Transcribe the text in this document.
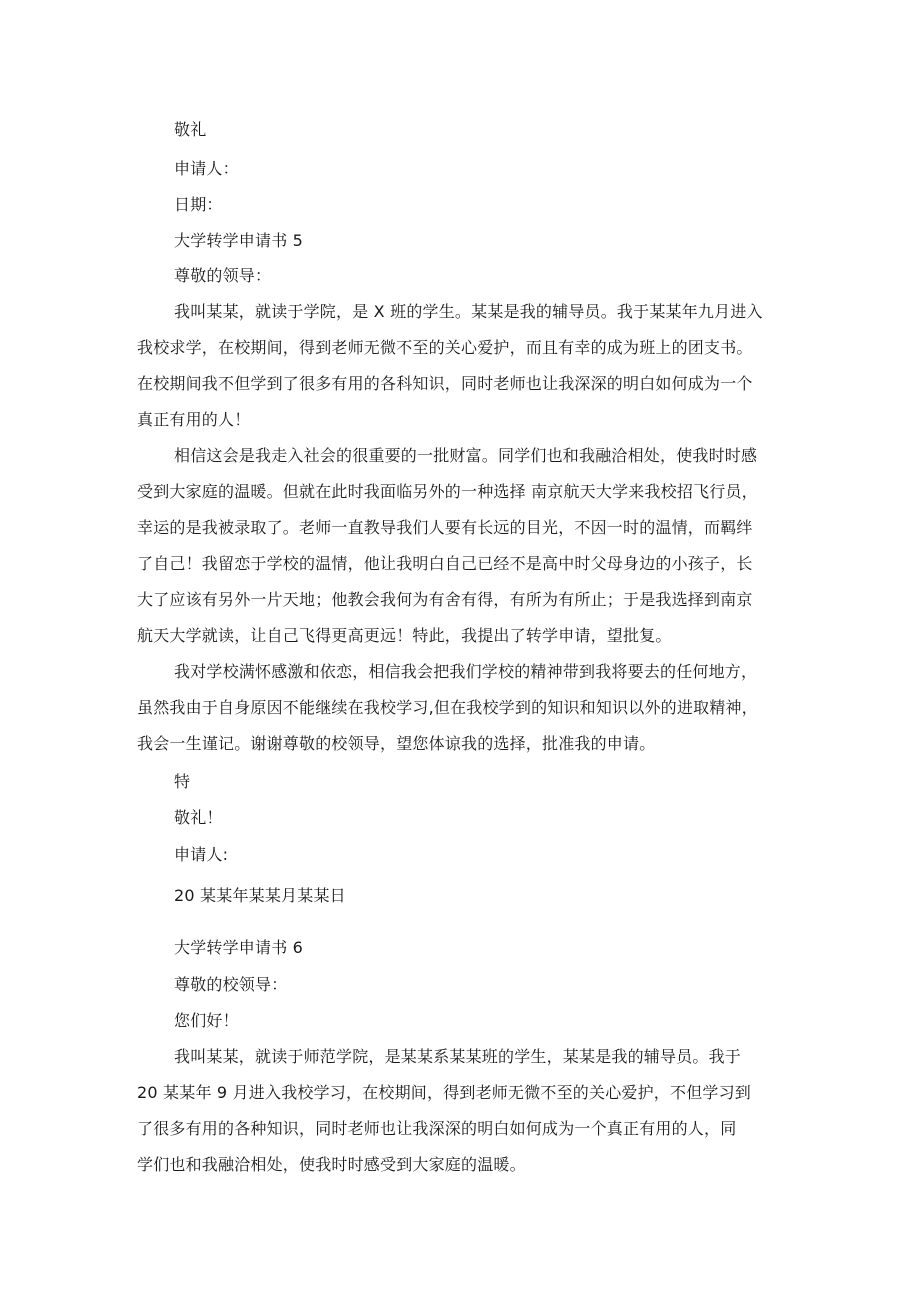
敬礼
申请人：
日期：
大学转学申请书 5
尊敬的领导：
我叫某某，就读于学院，是 X 班的学生。某某是我的辅导员。我于某某年九月进入
我校求学，在校期间，得到老师无微不至的关心爱护，而且有幸的成为班上的团支书。
在校期间我不但学到了很多有用的各科知识，同时老师也让我深深的明白如何成为一个
真正有用的人！
相信这会是我走入社会的很重要的一批财富。同学们也和我融洽相处，使我时时感
受到大家庭的温暖。但就在此时我面临另外的一种选择 南京航天大学来我校招飞行员，
幸运的是我被录取了。老师一直教导我们人要有长远的目光，不因一时的温情，而羁绊
了自己！我留恋于学校的温情，他让我明白自己已经不是高中时父母身边的小孩子，长
大了应该有另外一片天地；他教会我何为有舍有得，有所为有所止；于是我选择到南京
航天大学就读，让自己飞得更高更远！特此，我提出了转学申请，望批复。
我对学校满怀感激和依恋，相信我会把我们学校的精神带到我将要去的任何地方，
虽然我由于自身原因不能继续在我校学习,但在我校学到的知识和知识以外的进取精神，
我会一生谨记。谢谢尊敬的校领导，望您体谅我的选择，批准我的申请。
特
敬礼！
申请人:
20 某某年某某月某某日
大学转学申请书 6
尊敬的校领导：
您们好！
我叫某某，就读于师范学院，是某某系某某班的学生，某某是我的辅导员。我于
20 某某年 9 月进入我校学习，在校期间，得到老师无微不至的关心爱护，不但学习到
了很多有用的各种知识，同时老师也让我深深的明白如何成为一个真正有用的人，同
学们也和我融洽相处，使我时时感受到大家庭的温暖。
